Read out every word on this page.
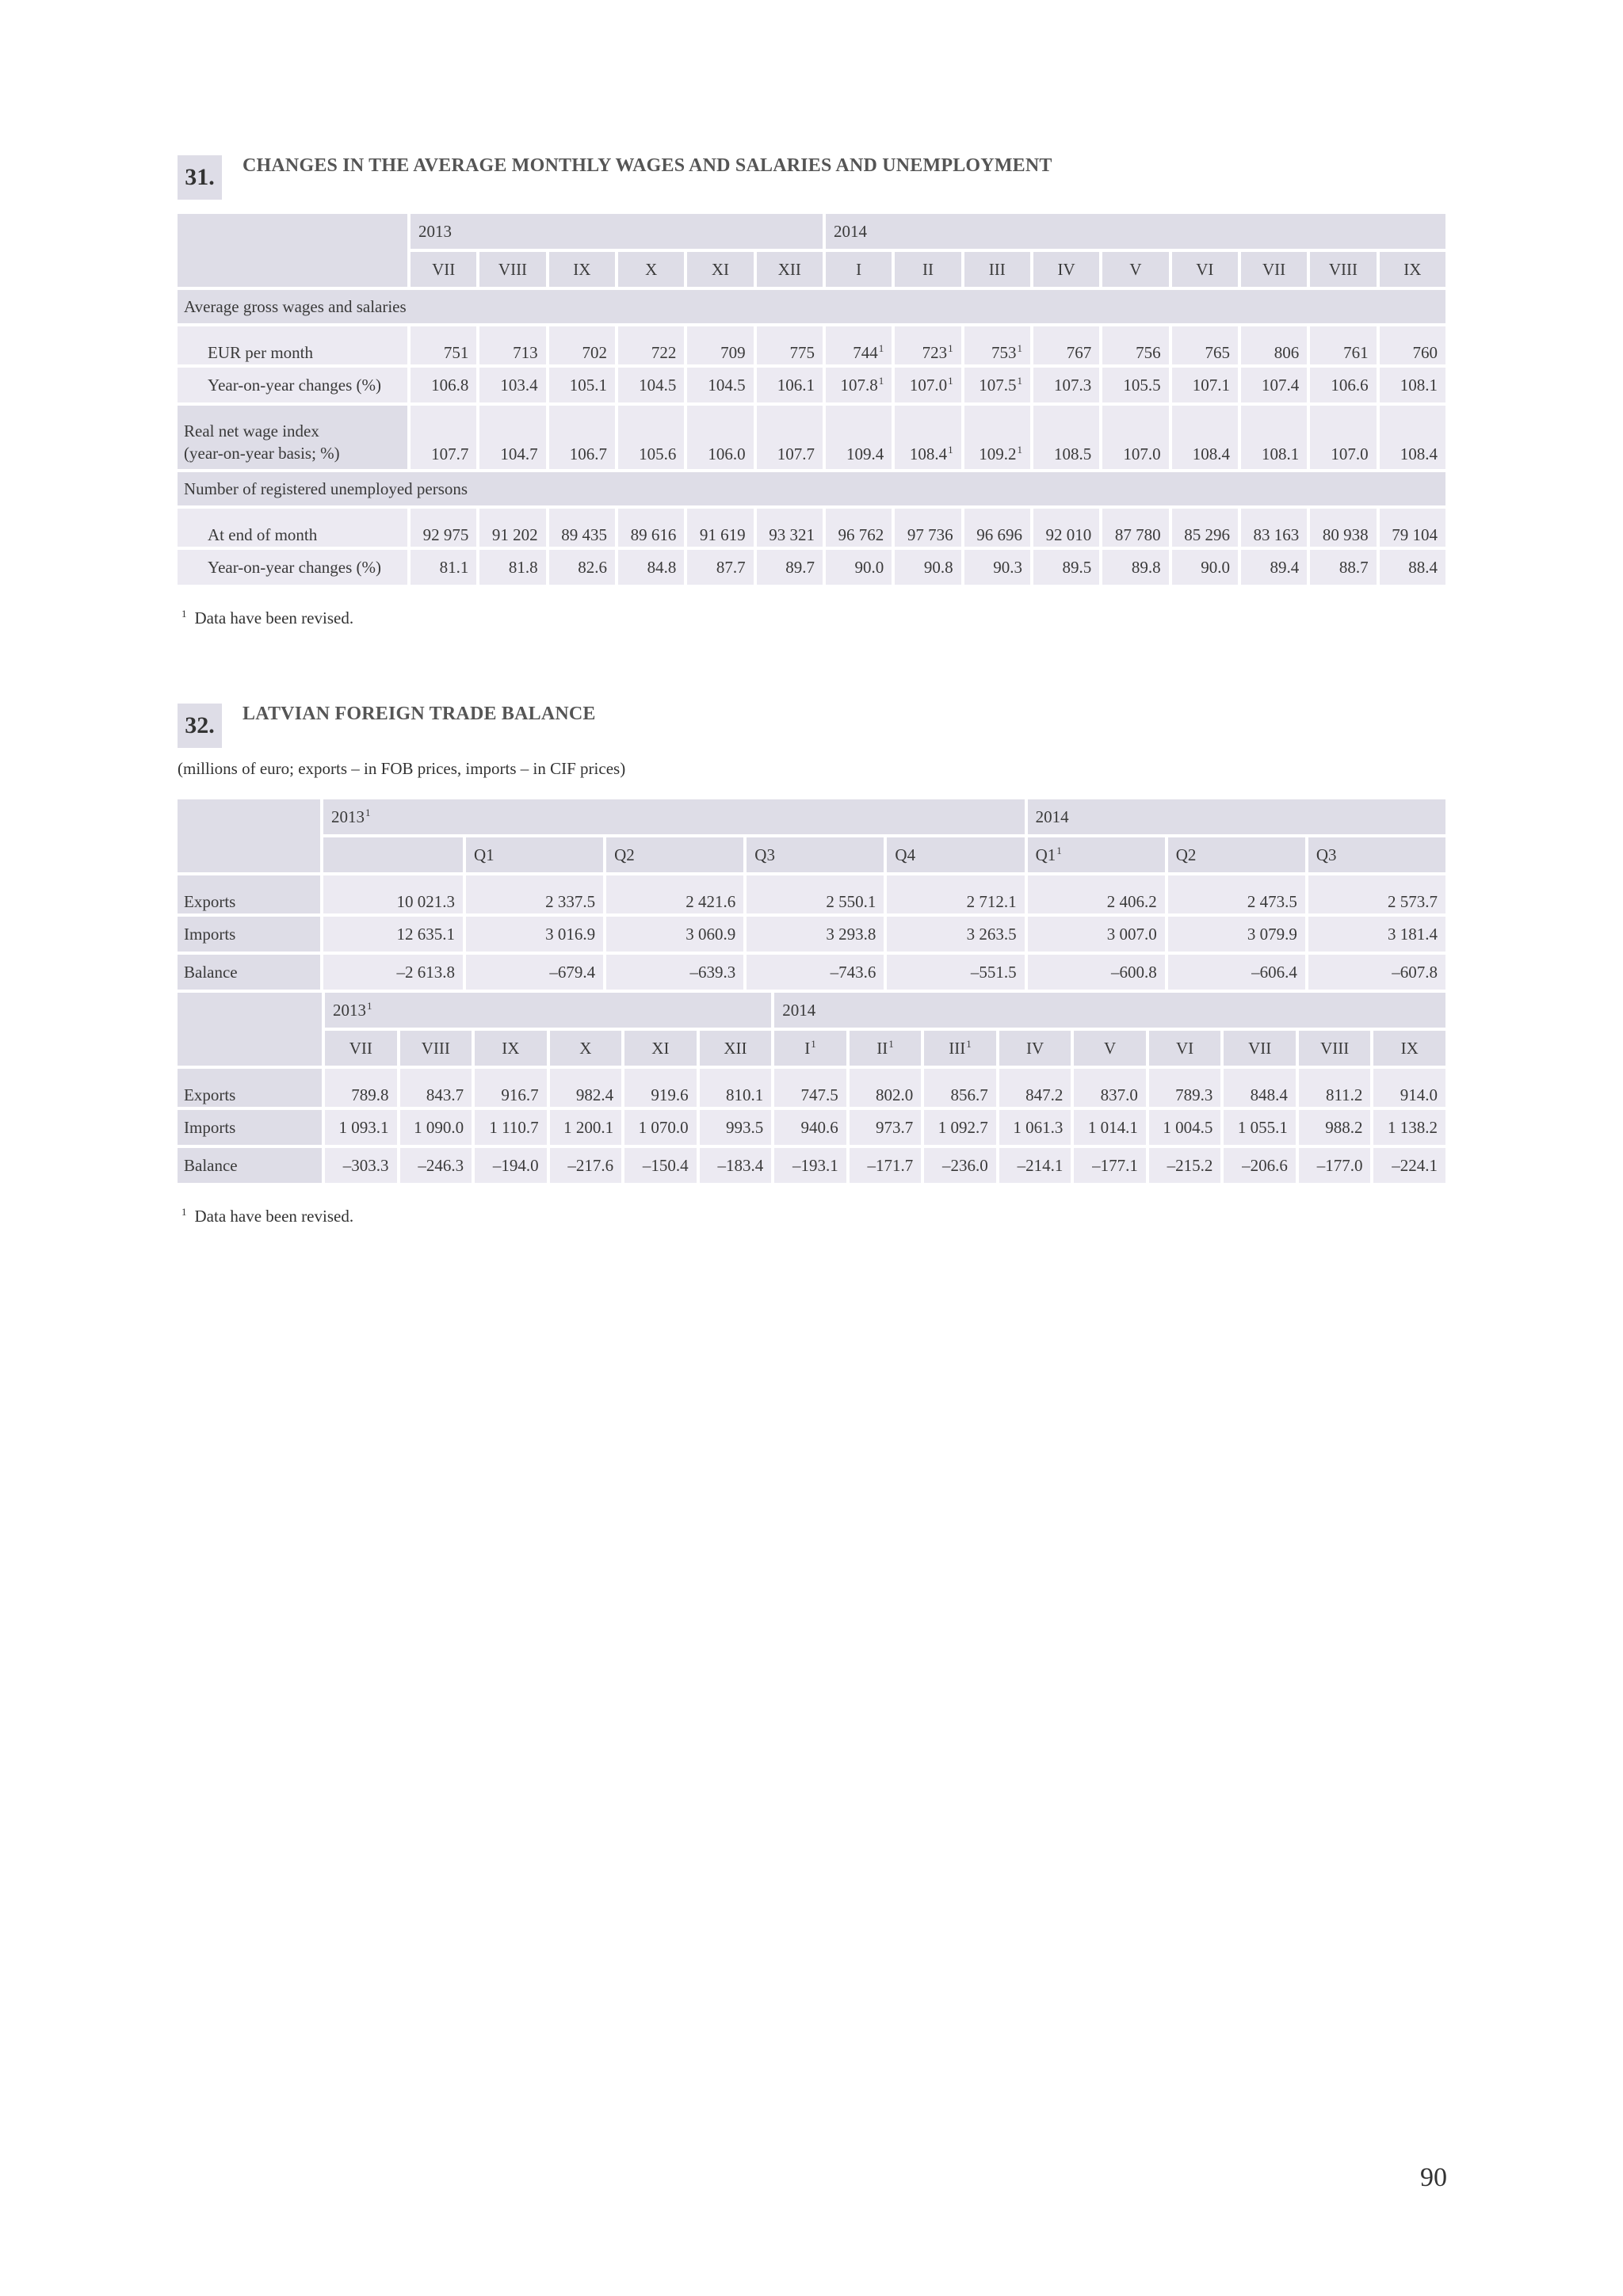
31.	CHANGES IN THE AVERAGE MONTHLY WAGES AND SALARIES AND UNEMPLOYMENT
	2013						2014								
	VII	VIII	IX	X	XI	XII	I	II	III	IV	V	VI	VII	VIII	IX
Average gross wages and salaries															
EUR per month	751	713	702	722	709	775	$744^1$	$723^1$	$753^1$	767	756	765	806	761	760
Year-on-year changes (%)	106.8	103.4	105.1	104.5	104.5	106.1	107.8$^1$	107.0$^1$	107.5$^1$	107.3	105.5	107.1	107.4	106.6	108.1
Real net wage index
(year-on-year basis; %)	107.7	104.7	106.7	105.6	106.0	107.7	109.4	108.4$^1$	109.2$^1$	108.5	107.0	108.4	108.1	107.0	108.4
Number of registered unemployed persons															
At end of month	92 975	91 202	89 435	89 616	91 619	93 321	96 762	97 736	96 696	92 010	87 780	85 296	83 163	80 938	79 104
Year-on-year changes (%)	81.1	81.8	82.6	84.8	87.7	89.7	90.0	90.8	90.3	89.5	89.8	90.0	89.4	88.7	88.4
$^1$ Data have been revised.
32.	LATVIAN FOREIGN TRADE BALANCE
(millions of euro; exports – in FOB prices, imports – in CIF prices)
	2013$^1$					2014		
		Q1	Q2	Q3	Q4	$Q1^1$	Q2	Q3
Exports	10 021.3	2 337.5	2 421.6	2 550.1	2 712.1	2 406.2	2 473.5	2 573.7
Imports	12 635.1	3 016.9	3 060.9	3 293.8	3 263.5	3 007.0	3 079.9	3 181.4
Balance	–2 613.8	–679.4	–639.3	–743.6	–551.5	–600.8	–606.4	–607.8
	2013$^1$						2014								
	VII	VIII	IX	X	XI	XII	$I^1$	$II^1$	III$^1$	IV	V	VI	VII	VIII	IX
Exports	789.8	843.7	916.7	982.4	919.6	810.1	747.5	802.0	856.7	847.2	837.0	789.3	848.4	811.2	914.0
Imports	1 093.1	1 090.0	1 110.7	1 200.1	1 070.0	993.5	940.6	973.7	1 092.7	1 061.3	1 014.1	1 004.5	1 055.1	988.2	1 138.2
Balance	–303.3	–246.3	–194.0	–217.6	–150.4	–183.4	–193.1	–171.7	–236.0	–214.1	–177.1	–215.2	–206.6	–177.0	–224.1
$^1$ Data have been revised.
90
